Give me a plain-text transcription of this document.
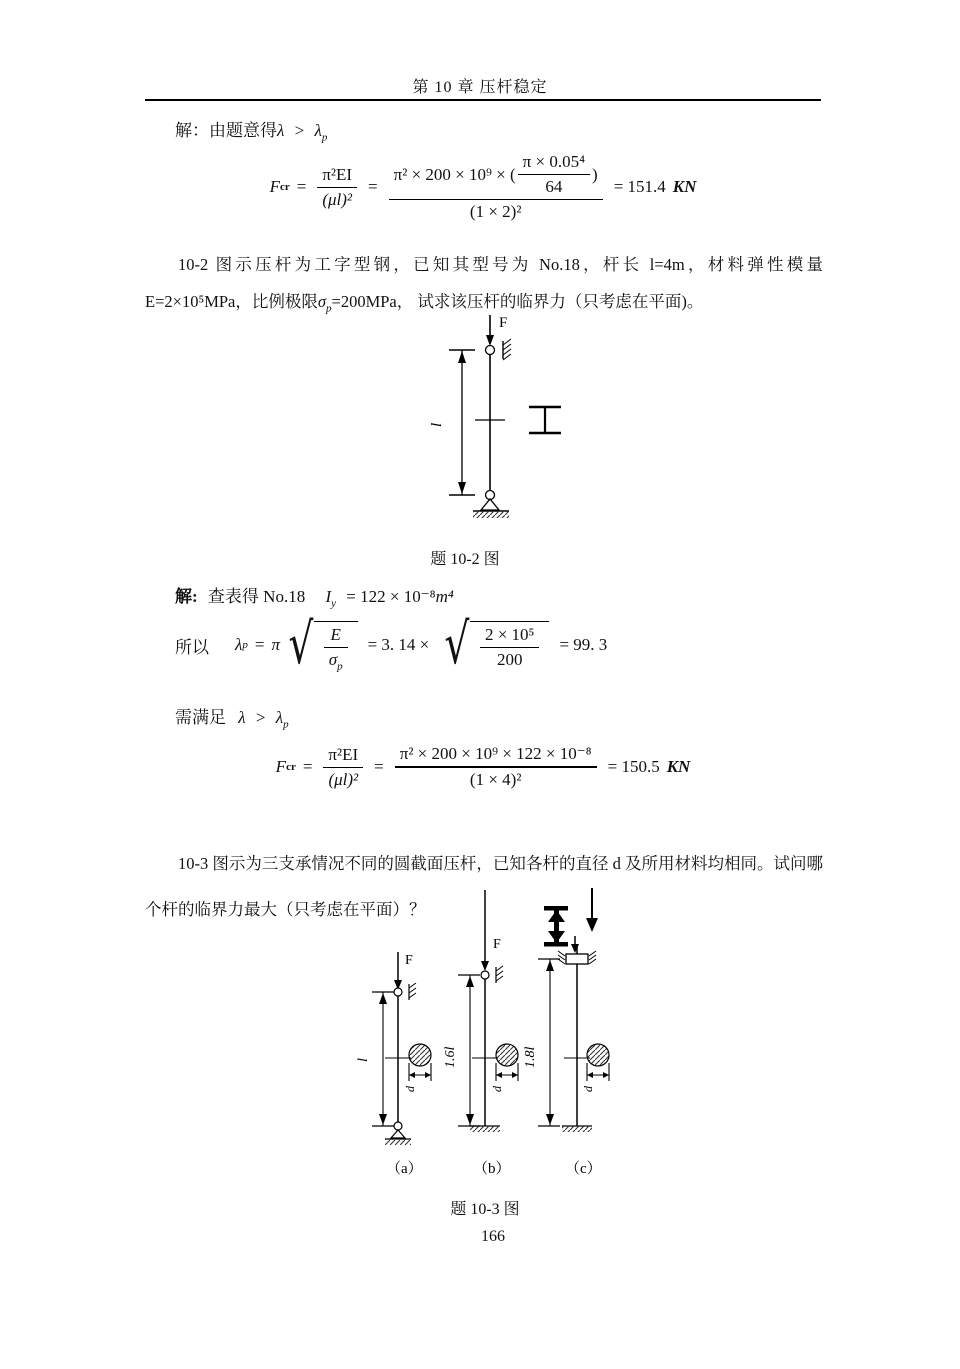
第 10 章 压杆稳定
解：由题意得$\lambda > \lambda_p$
F cr = $\frac{\text{π²EI}}{\text{(μl)²}}$ =
π² × 200 × 10⁹ × ( $\frac{\text{π × 0.05⁴}}{64}$ )
(1 × 2)²
= 151.4 KN
10-2 图示压杆为工字型钢，已知其型号为 No.18，杆长 l=4m，材料弹性模量 E=2×10⁵MPa，比例极限$\sigma_p=200MPa$， 试求该压杆的临界力（只考虑在平面)。
F
l
题 10-2 图
解: 查表得 No.18 $I_y = 122 \times 10^{-8}m^4$
所以 λ p = π √ $\frac{E}{\sigma_p} = 3$. 14 × √ $\frac{\text{2 × 10⁵}}{200} = 99$. 3
需满足 $\lambda > \lambda_p$
F cr = $\frac{\text{π²EI}}{\text{(μl)²}} = \frac{\text{π² × 200 × 10⁹ × 122 × 10⁻⁸}}{\text{(1 × 4)²}} = 150.5$ KN
10-3 图示为三支承情况不同的圆截面压杆，已知各杆的直径 d 及所用材料均相同。试问哪个杆的临界力最大（只考虑在平面）？
F
l
d
（a）
F
1.6l
d
（b）
1.8l
d
（c）
题 10-3 图
166
